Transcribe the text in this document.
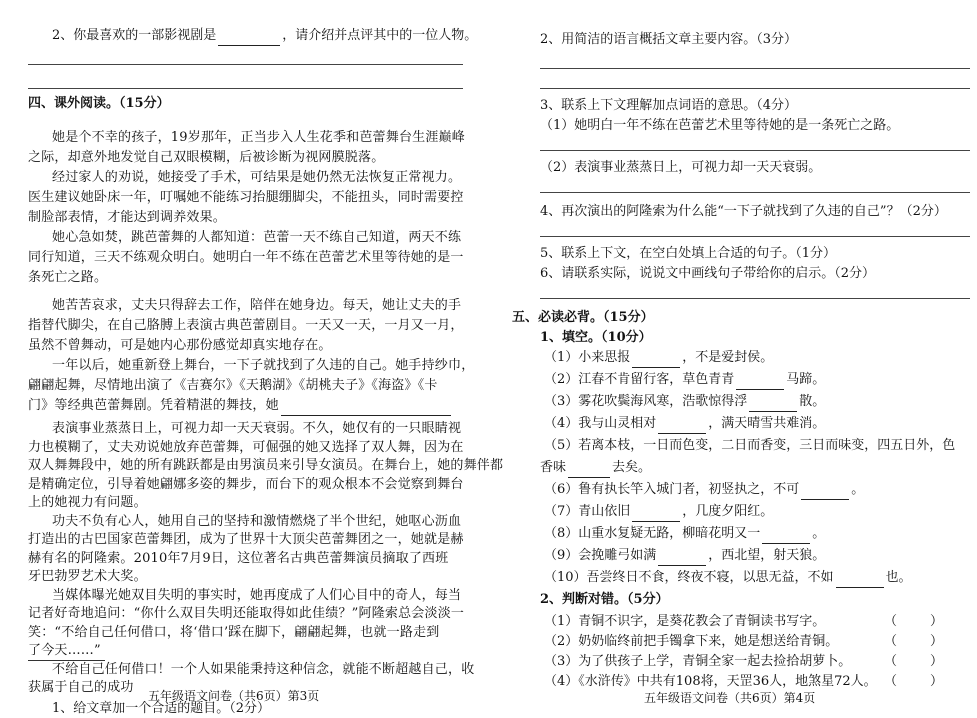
2、你最喜欢的一部影视剧是	，请介绍并点评其中的一位人物。
四、课外阅读。（15分）
她是个不幸的孩子，19岁那年，正当步入人生花季和芭蕾舞台生涯巅峰
之际，却意外地发觉自己双眼模糊，后被诊断为视网膜脱落。
经过家人的劝说，她接受了手术，可结果是她仍然无法恢复正常视力。
医生建议她卧床一年，叮嘱她不能练习抬腿绷脚尖，不能扭头，同时需要控
制脸部表情，才能达到调养效果。
她心急如焚，跳芭蕾舞的人都知道：芭蕾一天不练自己知道，两天不练
同行知道，三天不练观众明白。她明白一年不练在芭蕾艺术里等待她的是一
条死亡之路。
她苦苦哀求，丈夫只得辞去工作，陪伴在她身边。每天，她让丈夫的手
指替代脚尖，在自己胳膊上表演古典芭蕾剧目。一天又一天，一月又一月，
虽然不曾舞动，可是她内心那份感觉却真实地存在。
一年以后，她重新登上舞台，一下子就找到了久违的自己。她手持纱巾，
翩翩起舞，尽情地出演了《吉赛尔》《天鹅湖》《胡桃夫子》《海盗》《卡
门》等经典芭蕾舞剧。凭着精湛的舞技，她
表演事业蒸蒸日上，可视力却一天天衰弱。不久，她仅有的一只眼睛视
力也模糊了，丈夫劝说她放弃芭蕾舞，可倔强的她又选择了双人舞，因为在
双人舞舞段中，她的所有跳跃都是由男演员来引导女演员。在舞台上，她的舞伴都
是精确定位，引导着她翩娜多姿的舞步，而台下的观众根本不会觉察到舞台
上的她视力有问题。
功夫不负有心人，她用自己的坚持和激情燃烧了半个世纪，她呕心沥血
打造出的古巴国家芭蕾舞团，成为了世界十大顶尖芭蕾舞团之一，她就是赫
赫有名的阿隆索。2010年7月9日，这位著名古典芭蕾舞演员摘取了西班
牙巴勃罗艺术大奖。
当媒体曝光她双目失明的事实时，她再度成了人们心目中的奇人，每当
记者好奇地追问：“你什么双目失明还能取得如此佳绩？”阿隆索总会淡淡一
笑：“不给自己任何借口，将‘借口’踩在脚下，翩翩起舞，也就一路走到
了今天……”
不给自己任何借口！一个人如果能秉持这种信念，就能不断超越自己，收
获属于自己的成功
1、给文章加一个合适的题目。（2分）
2、用简洁的语言概括文章主要内容。（3分）
3、联系上下文理解加点词语的意思。（4分）
（1）她明白一年不练在芭蕾艺术里等待她的是一条死亡之路。
（2）表演事业蒸蒸日上，可视力却一天天衰弱。
4、再次演出的阿隆索为什么能“一下子就找到了久违的自己”？（2分）
5、联系上下文，在空白处填上合适的句子。（1分）
6、请联系实际，说说文中画线句子带给你的启示。（2分）
五、必读必背。（15分）
1、填空。（10分）
（1）小来思报	，不是爱封侯。
（2）江春不肯留行客，草色青青	马蹄。
（3）雾花吹鬓海风寒，浩歌惊得浮	散。
（4）我与山灵相对	，满天晴雪共难消。
（5）若离本枝，一日而色变，二日而香变，三日而味变，四五日外，色
香味	去矣。
（6）鲁有执长竿入城门者，初竖执之，不可	。
（7）青山依旧	，几度夕阳红。
（8）山重水复疑无路，柳暗花明又一	。
（9）会挽雕弓如满	，西北望，射天狼。
（10）吾尝终日不食，终夜不寝，以思无益，不如	也。
2、判断对错。（5分）
（1）青铜不识字，是葵花教会了青铜读书写字。	（        ）
（2）奶奶临终前把手镯拿下来，她是想送给青铜。	（        ）
（3）为了供孩子上学，青铜全家一起去捡拾胡萝卜。	（        ）
（4）《水浒传》中共有108将，天罡36人，地煞星72人。 （        ）
五年级语文问卷（共6页）第3页	五年级语文问卷（共6页）第4页
